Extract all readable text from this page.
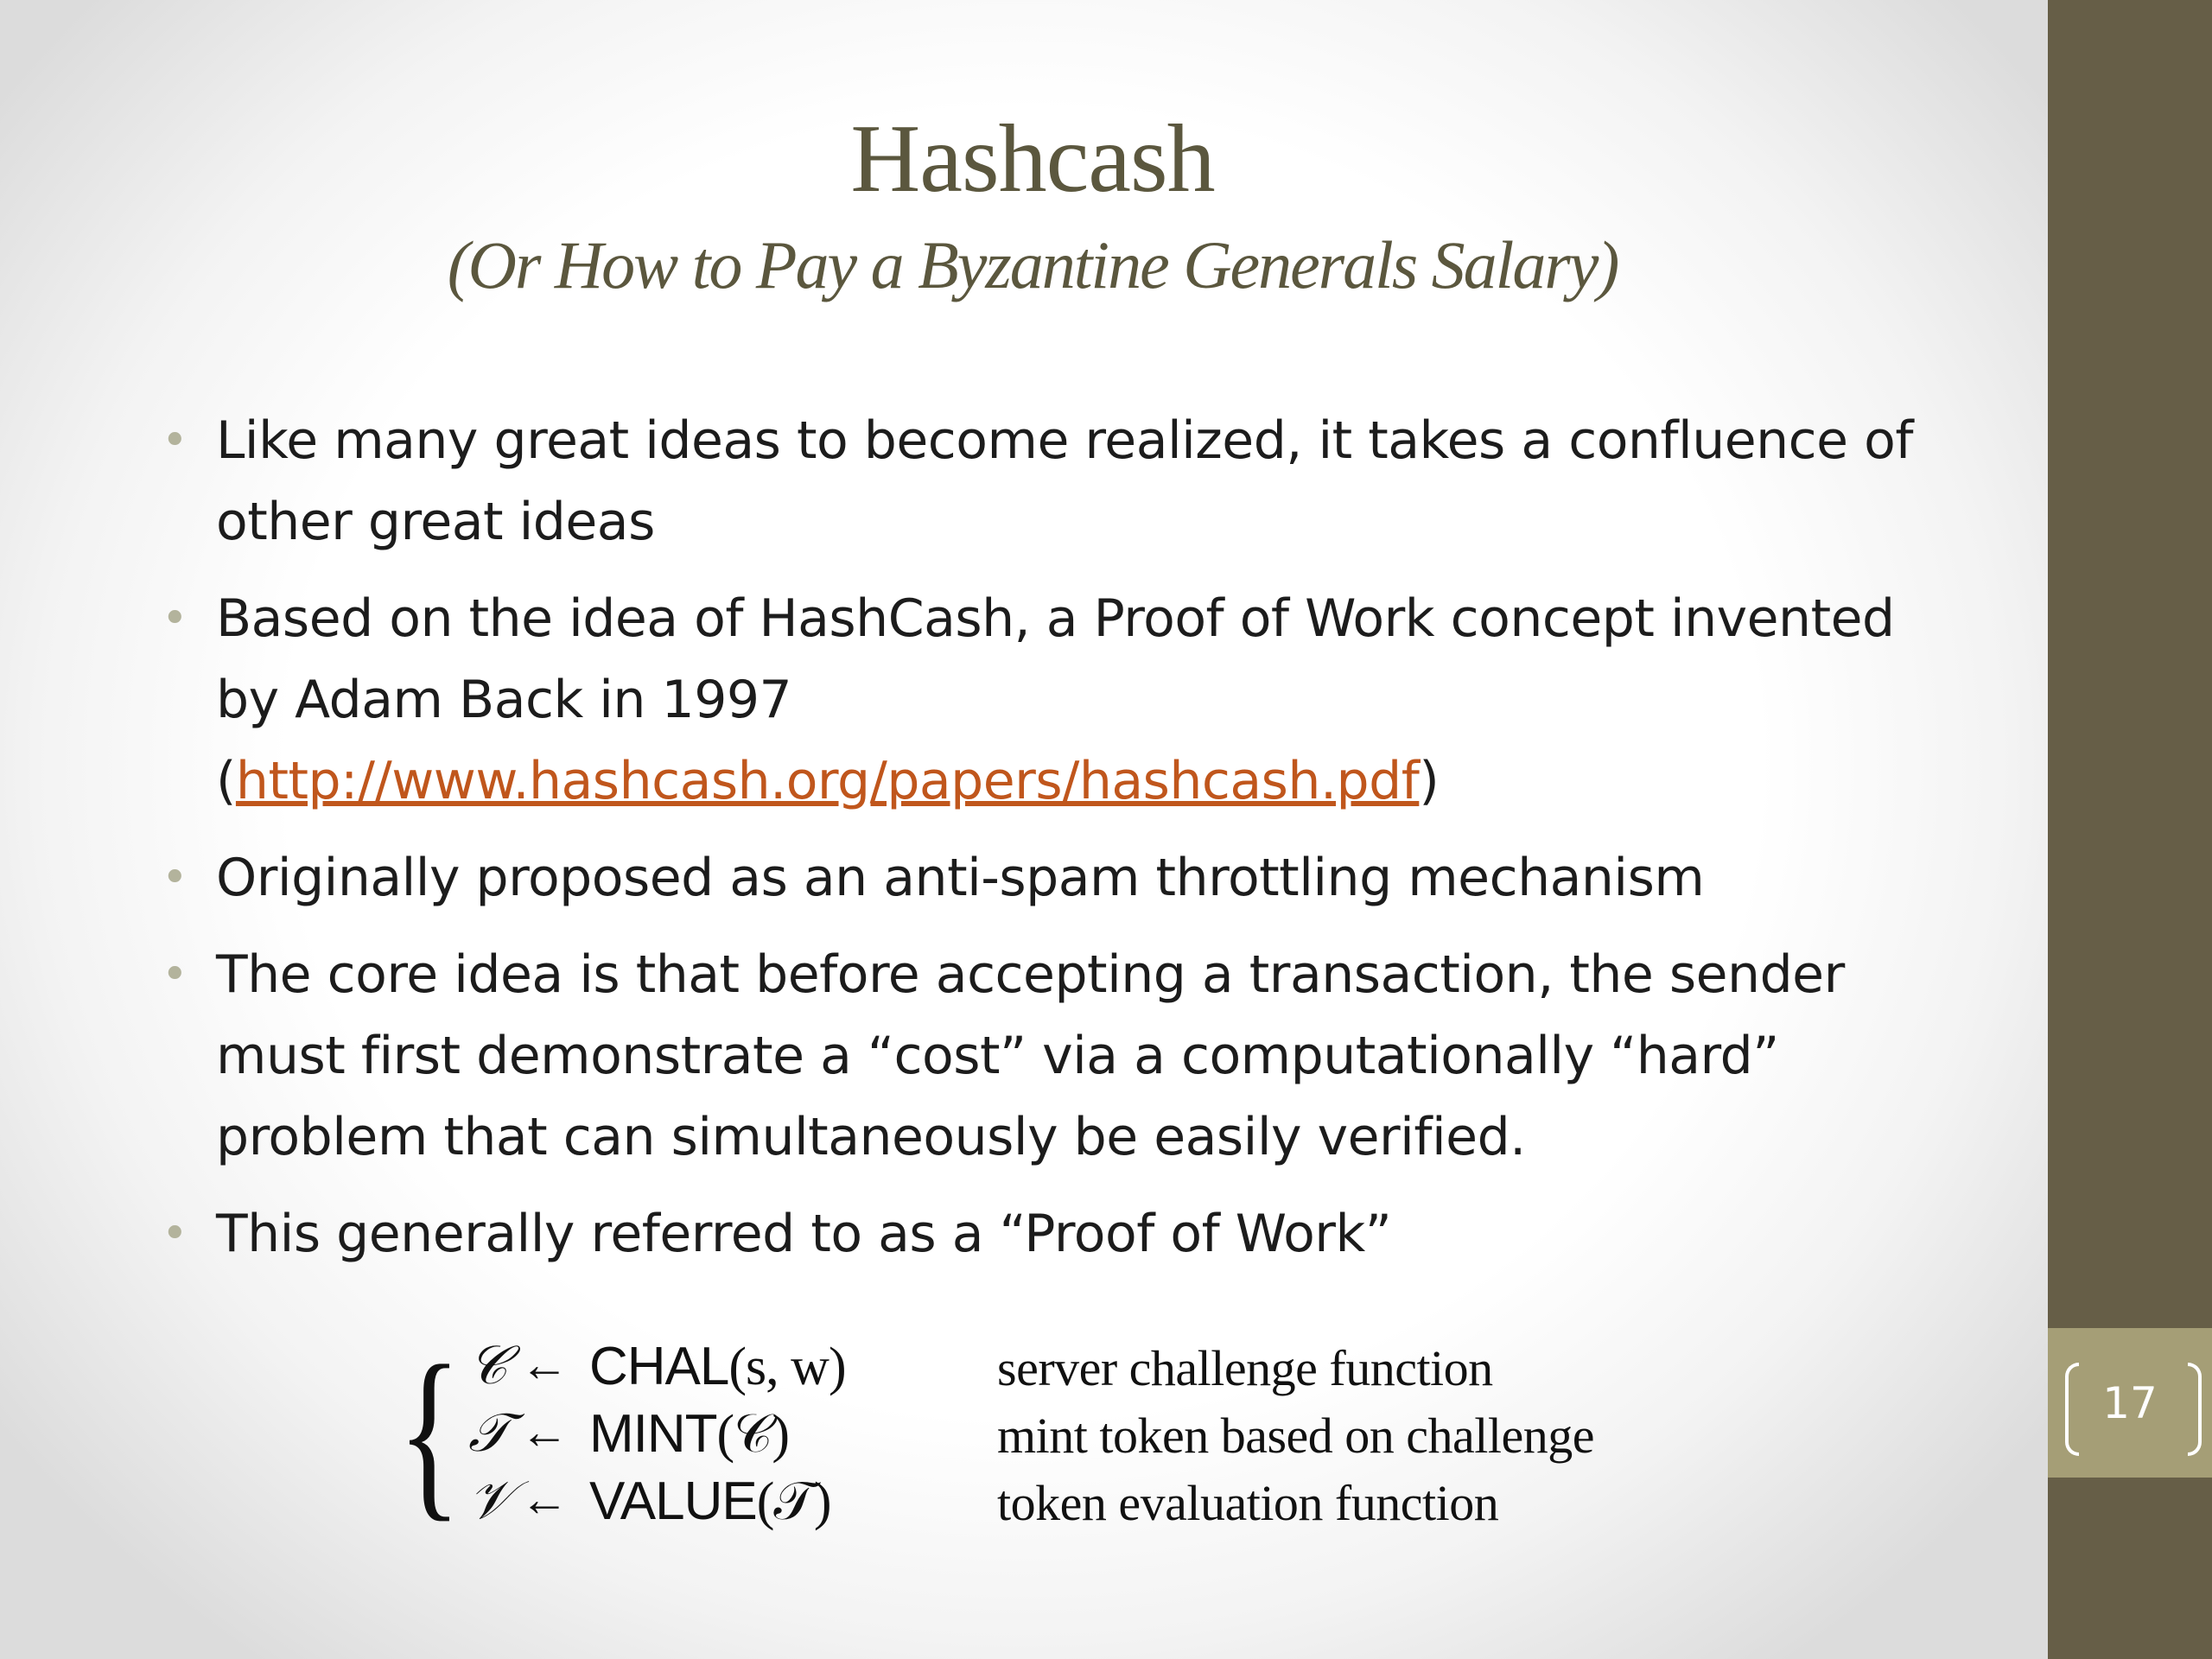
17
Hashcash
(Or How to Pay a Byzantine Generals Salary)
• Like many great ideas to become realized, it takes a confluence of other great ideas
• Based on the idea of HashCash, a Proof of Work concept invented by Adam Back in 1997 (http://www.hashcash.org/papers/hashcash.pdf)
• Originally proposed as an anti-spam throttling mechanism
• The core idea is that before accepting a transaction, the sender must first demonstrate a “cost” via a computationally “hard” problem that can simultaneously be easily verified.
• This generally referred to as a “Proof of Work”
{ 𝒞 ← CHAL(s, w)	server challenge function
𝒯 ← MINT(𝒞)	mint token based on challenge
𝒱 ← VALUE(𝒯)	token evaluation function
